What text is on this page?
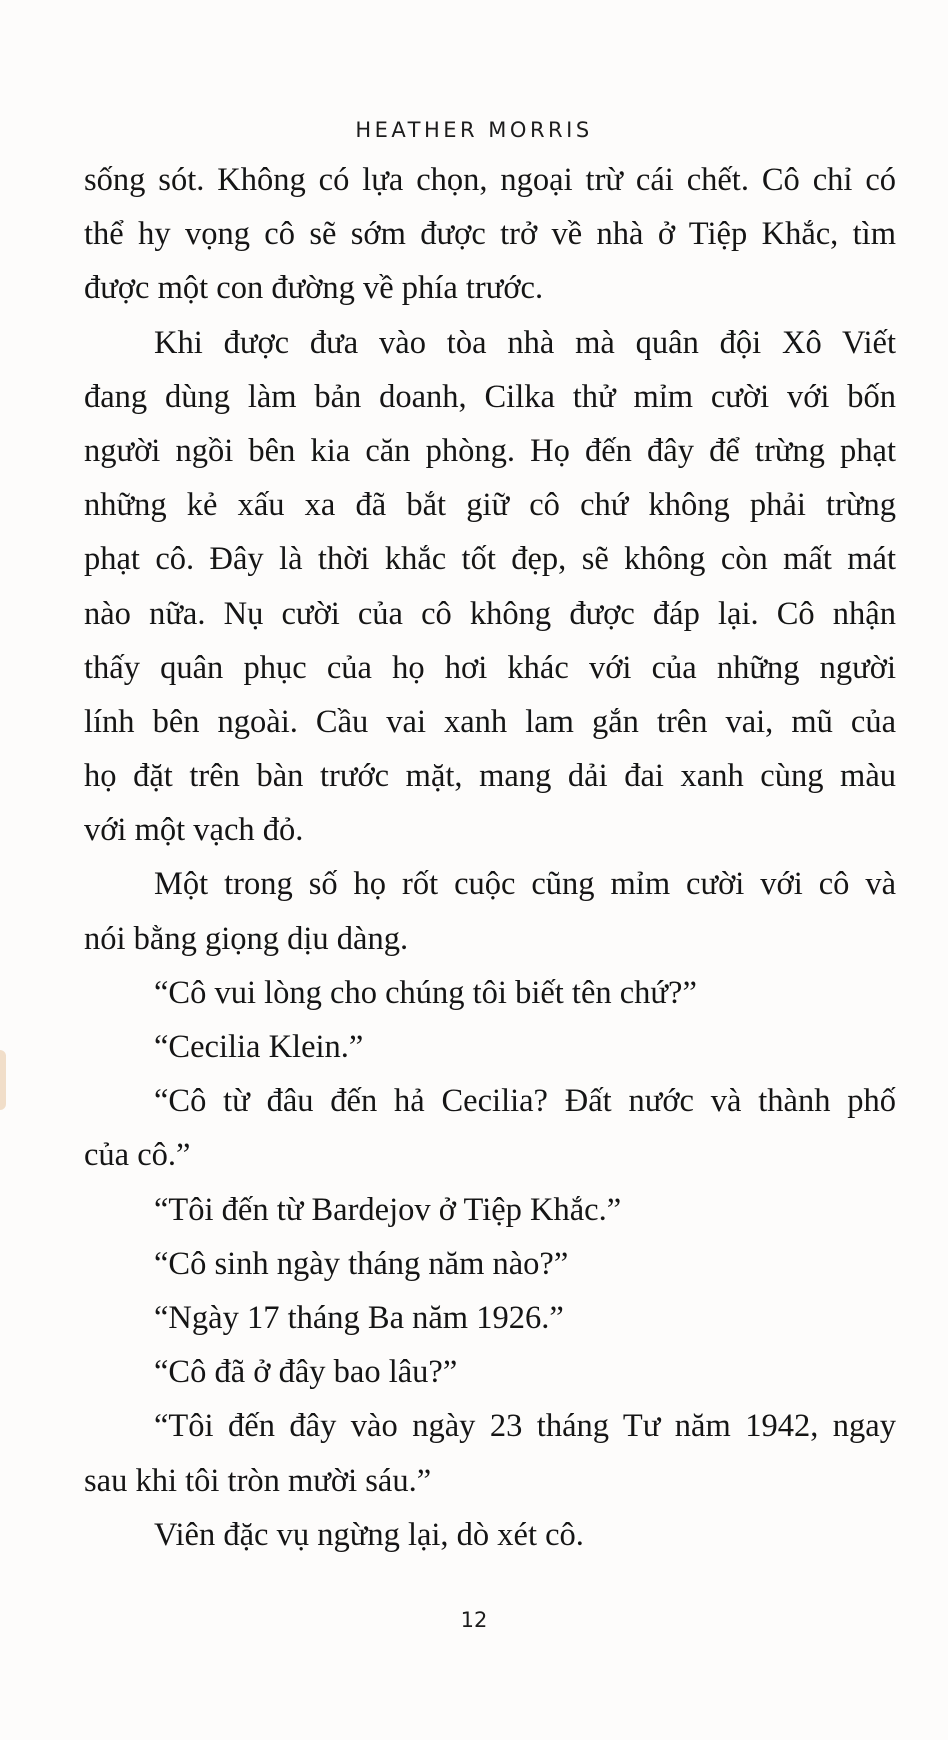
HEATHER MORRIS
sống sót. Không có lựa chọn, ngoại trừ cái chết. Cô chỉ có
thể hy vọng cô sẽ sớm được trở về nhà ở Tiệp Khắc, tìm
được một con đường về phía trước.
Khi được đưa vào tòa nhà mà quân đội Xô Viết
đang dùng làm bản doanh, Cilka thử mỉm cười với bốn
người ngồi bên kia căn phòng. Họ đến đây để trừng phạt
những kẻ xấu xa đã bắt giữ cô chứ không phải trừng
phạt cô. Đây là thời khắc tốt đẹp, sẽ không còn mất mát
nào nữa. Nụ cười của cô không được đáp lại. Cô nhận
thấy quân phục của họ hơi khác với của những người
lính bên ngoài. Cầu vai xanh lam gắn trên vai, mũ của
họ đặt trên bàn trước mặt, mang dải đai xanh cùng màu
với một vạch đỏ.
Một trong số họ rốt cuộc cũng mỉm cười với cô và
nói bằng giọng dịu dàng.
“Cô vui lòng cho chúng tôi biết tên chứ?”
“Cecilia Klein.”
“Cô từ đâu đến hả Cecilia? Đất nước và thành phố
của cô.”
“Tôi đến từ Bardejov ở Tiệp Khắc.”
“Cô sinh ngày tháng năm nào?”
“Ngày 17 tháng Ba năm 1926.”
“Cô đã ở đây bao lâu?”
“Tôi đến đây vào ngày 23 tháng Tư năm 1942, ngay
sau khi tôi tròn mười sáu.”
Viên đặc vụ ngừng lại, dò xét cô.
12
